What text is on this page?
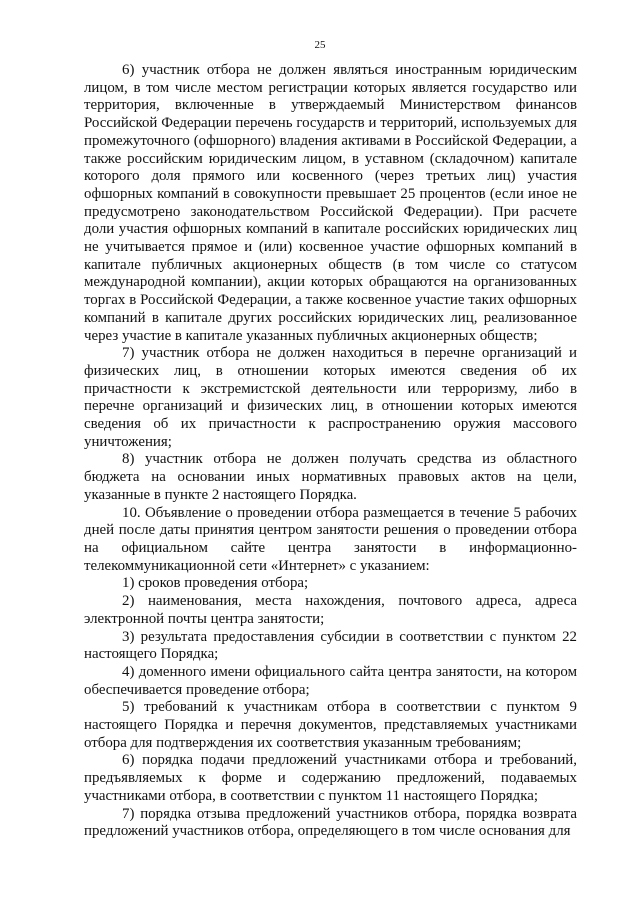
25

6) участник отбора не должен являться иностранным юридическим лицом, в том числе местом регистрации которых является государство или территория, включенные в утверждаемый Министерством финансов Российской Федерации перечень государств и территорий, используемых для промежуточного (офшорного) владения активами в Российской Федерации, а также российским юридическим лицом, в уставном (складочном) капитале которого доля прямого или косвенного (через третьих лиц) участия офшорных компаний в совокупности превышает 25 процентов (если иное не предусмотрено законодательством Российской Федерации). При расчете доли участия офшорных компаний в капитале российских юридических лиц не учитывается прямое и (или) косвенное участие офшорных компаний в капитале публичных акционерных обществ (в том числе со статусом международной компании), акции которых обращаются на организованных торгах в Российской Федерации, а также косвенное участие таких офшорных компаний в капитале других российских юридических лиц, реализованное через участие в капитале указанных публичных акционерных обществ;

7) участник отбора не должен находиться в перечне организаций и физических лиц, в отношении которых имеются сведения об их причастности к экстремистской деятельности или терроризму, либо в перечне организаций и физических лиц, в отношении которых имеются сведения об их причастности к распространению оружия массового уничтожения;

8) участник отбора не должен получать средства из областного бюджета на основании иных нормативных правовых актов на цели, указанные в пункте 2 настоящего Порядка.

10. Объявление о проведении отбора размещается в течение 5 рабочих дней после даты принятия центром занятости решения о проведении отбора на официальном сайте центра занятости в информационно-телекоммуникационной сети «Интернет» с указанием:

1) сроков проведения отбора;

2) наименования, места нахождения, почтового адреса, адреса электронной почты центра занятости;

3) результата предоставления субсидии в соответствии с пунктом 22 настоящего Порядка;

4) доменного имени официального сайта центра занятости, на котором обеспечивается проведение отбора;

5) требований к участникам отбора в соответствии с пунктом 9 настоящего Порядка и перечня документов, представляемых участниками отбора для подтверждения их соответствия указанным требованиям;

6) порядка подачи предложений участниками отбора и требований, предъявляемых к форме и содержанию предложений, подаваемых участниками отбора, в соответствии с пунктом 11 настоящего Порядка;

7) порядка отзыва предложений участников отбора, порядка возврата предложений участников отбора, определяющего в том числе основания для
